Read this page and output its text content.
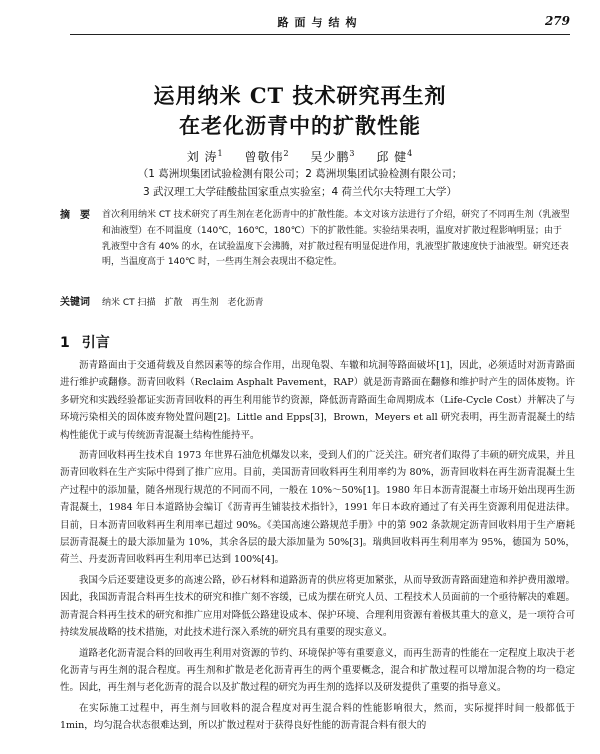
路面与结构	279
运用纳米 CT 技术研究再生剂
在老化沥青中的扩散性能
刘 涛$^1$ 曾敬伟$^2$ 吴少鹏$^3$ 邱 健$^4$
（1 葛洲坝集团试验检测有限公司；2 葛洲坝集团试验检测有限公司；
3 武汉理工大学硅酸盐国家重点实验室；4 荷兰代尔夫特理工大学）
摘　要 首次利用纳米 CT 技术研究了再生剂在老化沥青中的扩散性能。本文对该方法进行了介绍，研究了不同再生剂（乳液型和油液型）在不同温度（140℃，160℃，180℃）下的扩散性能。实验结果表明，温度对扩散过程影响明显；由于乳液型中含有 40% 的水，在试验温度下会沸腾，对扩散过程有明显促进作用，乳液型扩散速度快于油液型。研究还表明，当温度高于 140℃ 时，一些再生剂会表现出不稳定性。
关键词 纳米 CT 扫描　扩散　再生剂　老化沥青
1 引言

沥青路面由于交通荷载及自然因素等的综合作用，出现龟裂、车辙和坑洞等路面破坏[1]，因此，必须适时对沥青路面进行维护或翻修。沥青回收料（Reclaim Asphalt Pavement，RAP）就是沥青路面在翻修和维护时产生的固体废物。许多研究和实践经验都证实沥青回收料的再生利用能节约资源，降低沥青路面生命周期成本（Life-Cycle Cost）并解决了与环境污染相关的固体废弃物处置问题[2]。Little and Epps[3]，Brown，Meyers et all 研究表明，再生沥青混凝土的结构性能优于或与传统沥青混凝土结构性能持平。

沥青回收料再生技术自 1973 年世界石油危机爆发以来，受到人们的广泛关注。研究者们取得了丰硕的研究成果，并且沥青回收料在生产实际中得到了推广应用。目前，美国沥青回收料再生利用率约为 80%，沥青回收料在再生沥青混凝土生产过程中的添加量，随各州现行规范的不同而不同，一般在 10%～50%[1]。1980 年日本沥青混凝土市场开始出现再生沥青混凝土，1984 年日本道路协会编订《沥青再生铺装技术指针》，1991 年日本政府通过了有关再生资源利用促进法律。目前，日本沥青回收料再生利用率已超过 90%。《美国高速公路规范手册》中的第 902 条款规定沥青回收料用于生产磨耗层沥青混凝土的最大添加量为 10%，其余各层的最大添加量为 50%[3]。瑞典回收料再生利用率为 95%，德国为 50%，荷兰、丹麦沥青回收料再生利用率已达到 100%[4]。

我国今后还要建设更多的高速公路，砂石材料和道路沥青的供应将更加紧张，从而导致沥青路面建造和养护费用激增。因此，我国沥青混合料再生技术的研究和推广刻不容缓，已成为摆在研究人员、工程技术人员面前的一个亟待解决的难题。沥青混合料再生技术的研究和推广应用对降低公路建设成本、保护环境、合理利用资源有着极其重大的意义，是一项符合可持续发展战略的技术措施，对此技术进行深入系统的研究具有重要的现实意义。

道路老化沥青混合料的回收再生利用对资源的节约、环境保护等有重要意义，而再生沥青的性能在一定程度上取决于老化沥青与再生剂的混合程度。再生剂和扩散是老化沥青再生的两个重要概念，混合和扩散过程可以增加混合物的均一稳定性。因此，再生剂与老化沥青的混合以及扩散过程的研究为再生剂的选择以及研发提供了重要的指导意义。

在实际施工过程中，再生剂与回收料的混合程度对再生混合料的性能影响很大，然而，实际搅拌时间一般都低于 1min，均匀混合状态很难达到，所以扩散过程对于获得良好性能的沥青混合料有很大的
